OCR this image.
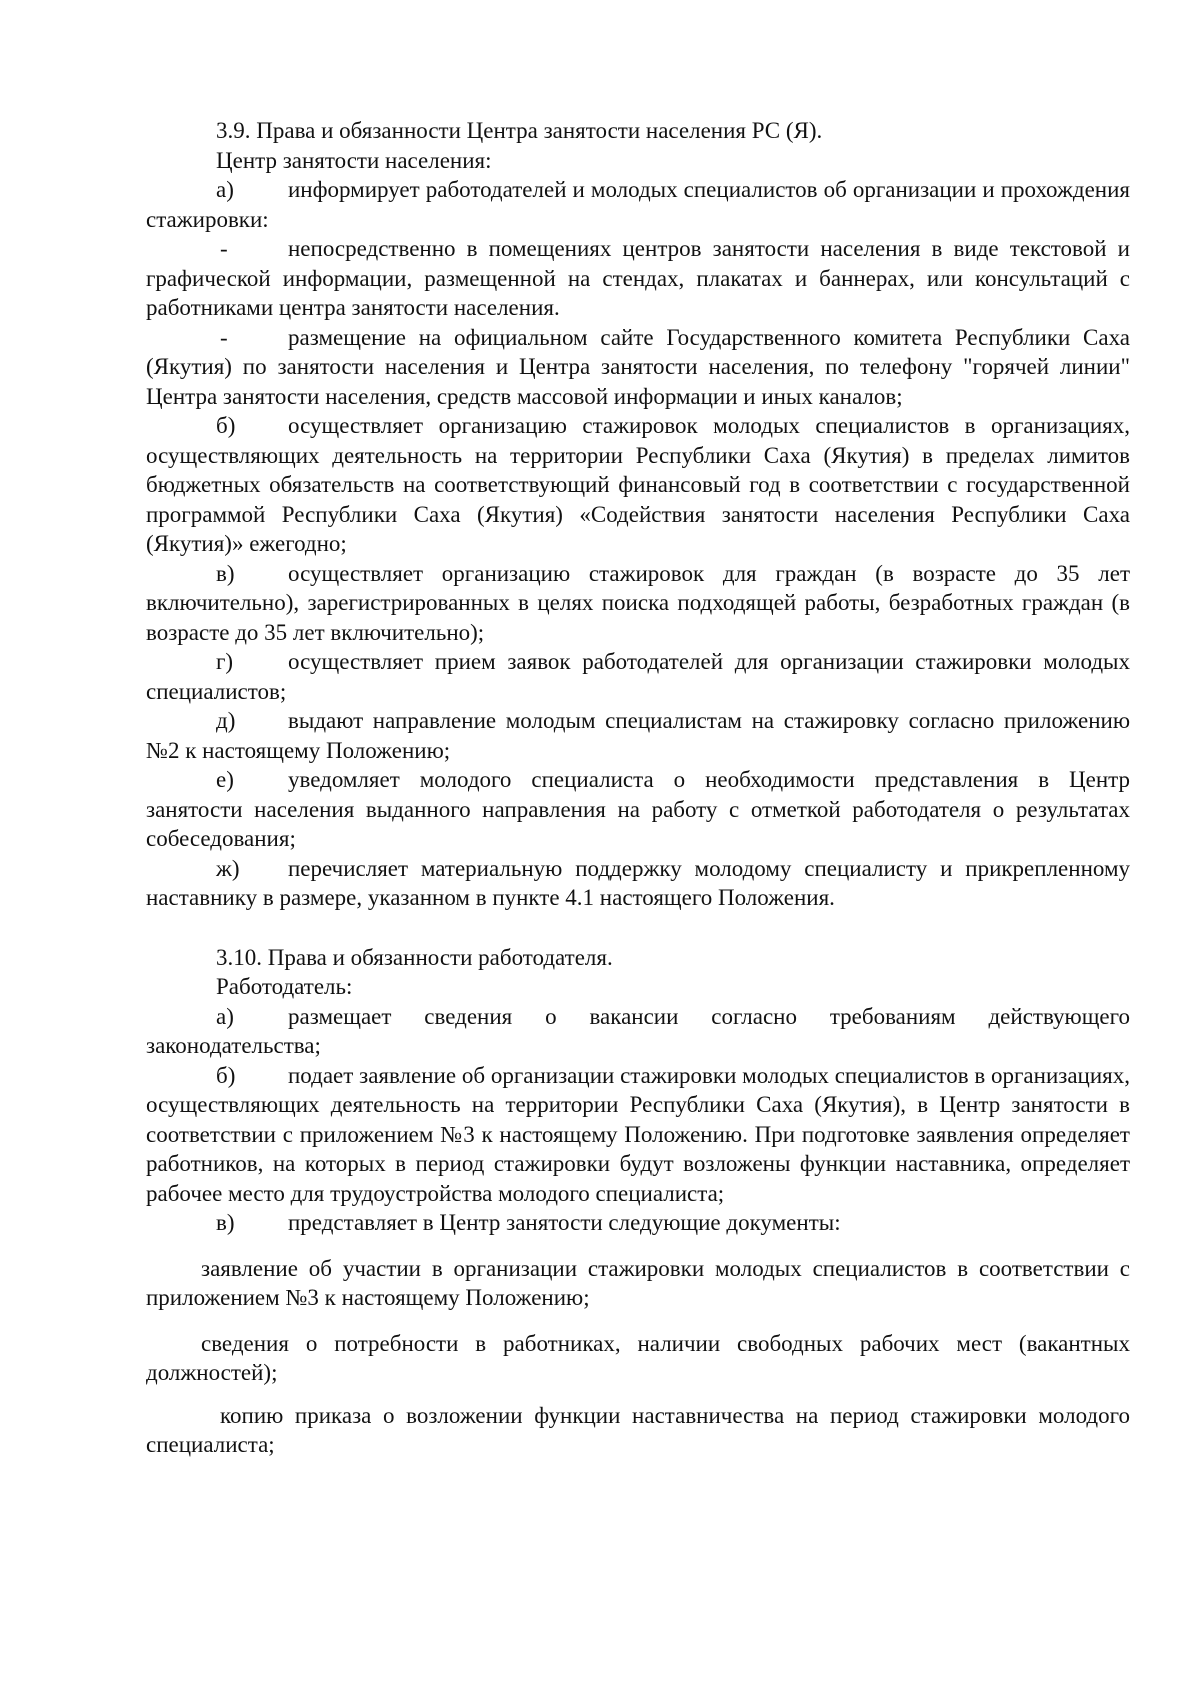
3.9. Права и обязанности Центра занятости населения РС (Я).

Центр занятости населения:

а) информирует работодателей и молодых специалистов об организации и прохождения стажировки:

-	непосредственно в помещениях центров занятости населения в виде текстовой и графической информации, размещенной на стендах, плакатах и баннерах, или консультаций с работниками центра занятости населения.

-	размещение на официальном сайте Государственного комитета Республики Саха (Якутия) по занятости населения и Центра занятости населения, по телефону "горячей линии" Центра занятости населения, средств массовой информации и иных каналов;

б) осуществляет организацию стажировок молодых специалистов в организациях, осуществляющих деятельность на территории Республики Саха (Якутия) в пределах лимитов бюджетных обязательств на соответствующий финансовый год в соответствии с государственной программой Республики Саха (Якутия) «Содействия занятости населения Республики Саха (Якутия)» ежегодно;

в) осуществляет организацию стажировок для граждан (в возрасте до 35 лет включительно), зарегистрированных в целях поиска подходящей работы, безработных граждан (в возрасте до 35 лет включительно);

г) осуществляет прием заявок работодателей для организации стажировки молодых специалистов;

д) выдают направление молодым специалистам на стажировку согласно приложению №2 к настоящему Положению;

е) уведомляет молодого специалиста о необходимости представления в Центр занятости населения выданного направления на работу с отметкой работодателя о результатах собеседования;

ж) перечисляет материальную поддержку молодому специалисту и прикрепленному наставнику в размере, указанном в пункте 4.1 настоящего Положения.

3.10. Права и обязанности работодателя.

Работодатель:

а) размещает сведения о вакансии согласно требованиям действующего законодательства;

б) подает заявление об организации стажировки молодых специалистов в организациях, осуществляющих деятельность на территории Республики Саха (Якутия), в Центр занятости в соответствии с приложением №3 к настоящему Положению. При подготовке заявления определяет работников, на которых в период стажировки будут возложены функции наставника, определяет рабочее место для трудоустройства молодого специалиста;

в) представляет в Центр занятости следующие документы:

заявление об участии в организации стажировки молодых специалистов в соответствии с приложением №3 к настоящему Положению;

сведения о потребности в работниках, наличии свободных рабочих мест (вакантных должностей);

копию приказа о возложении функции наставничества на период стажировки молодого специалиста;
